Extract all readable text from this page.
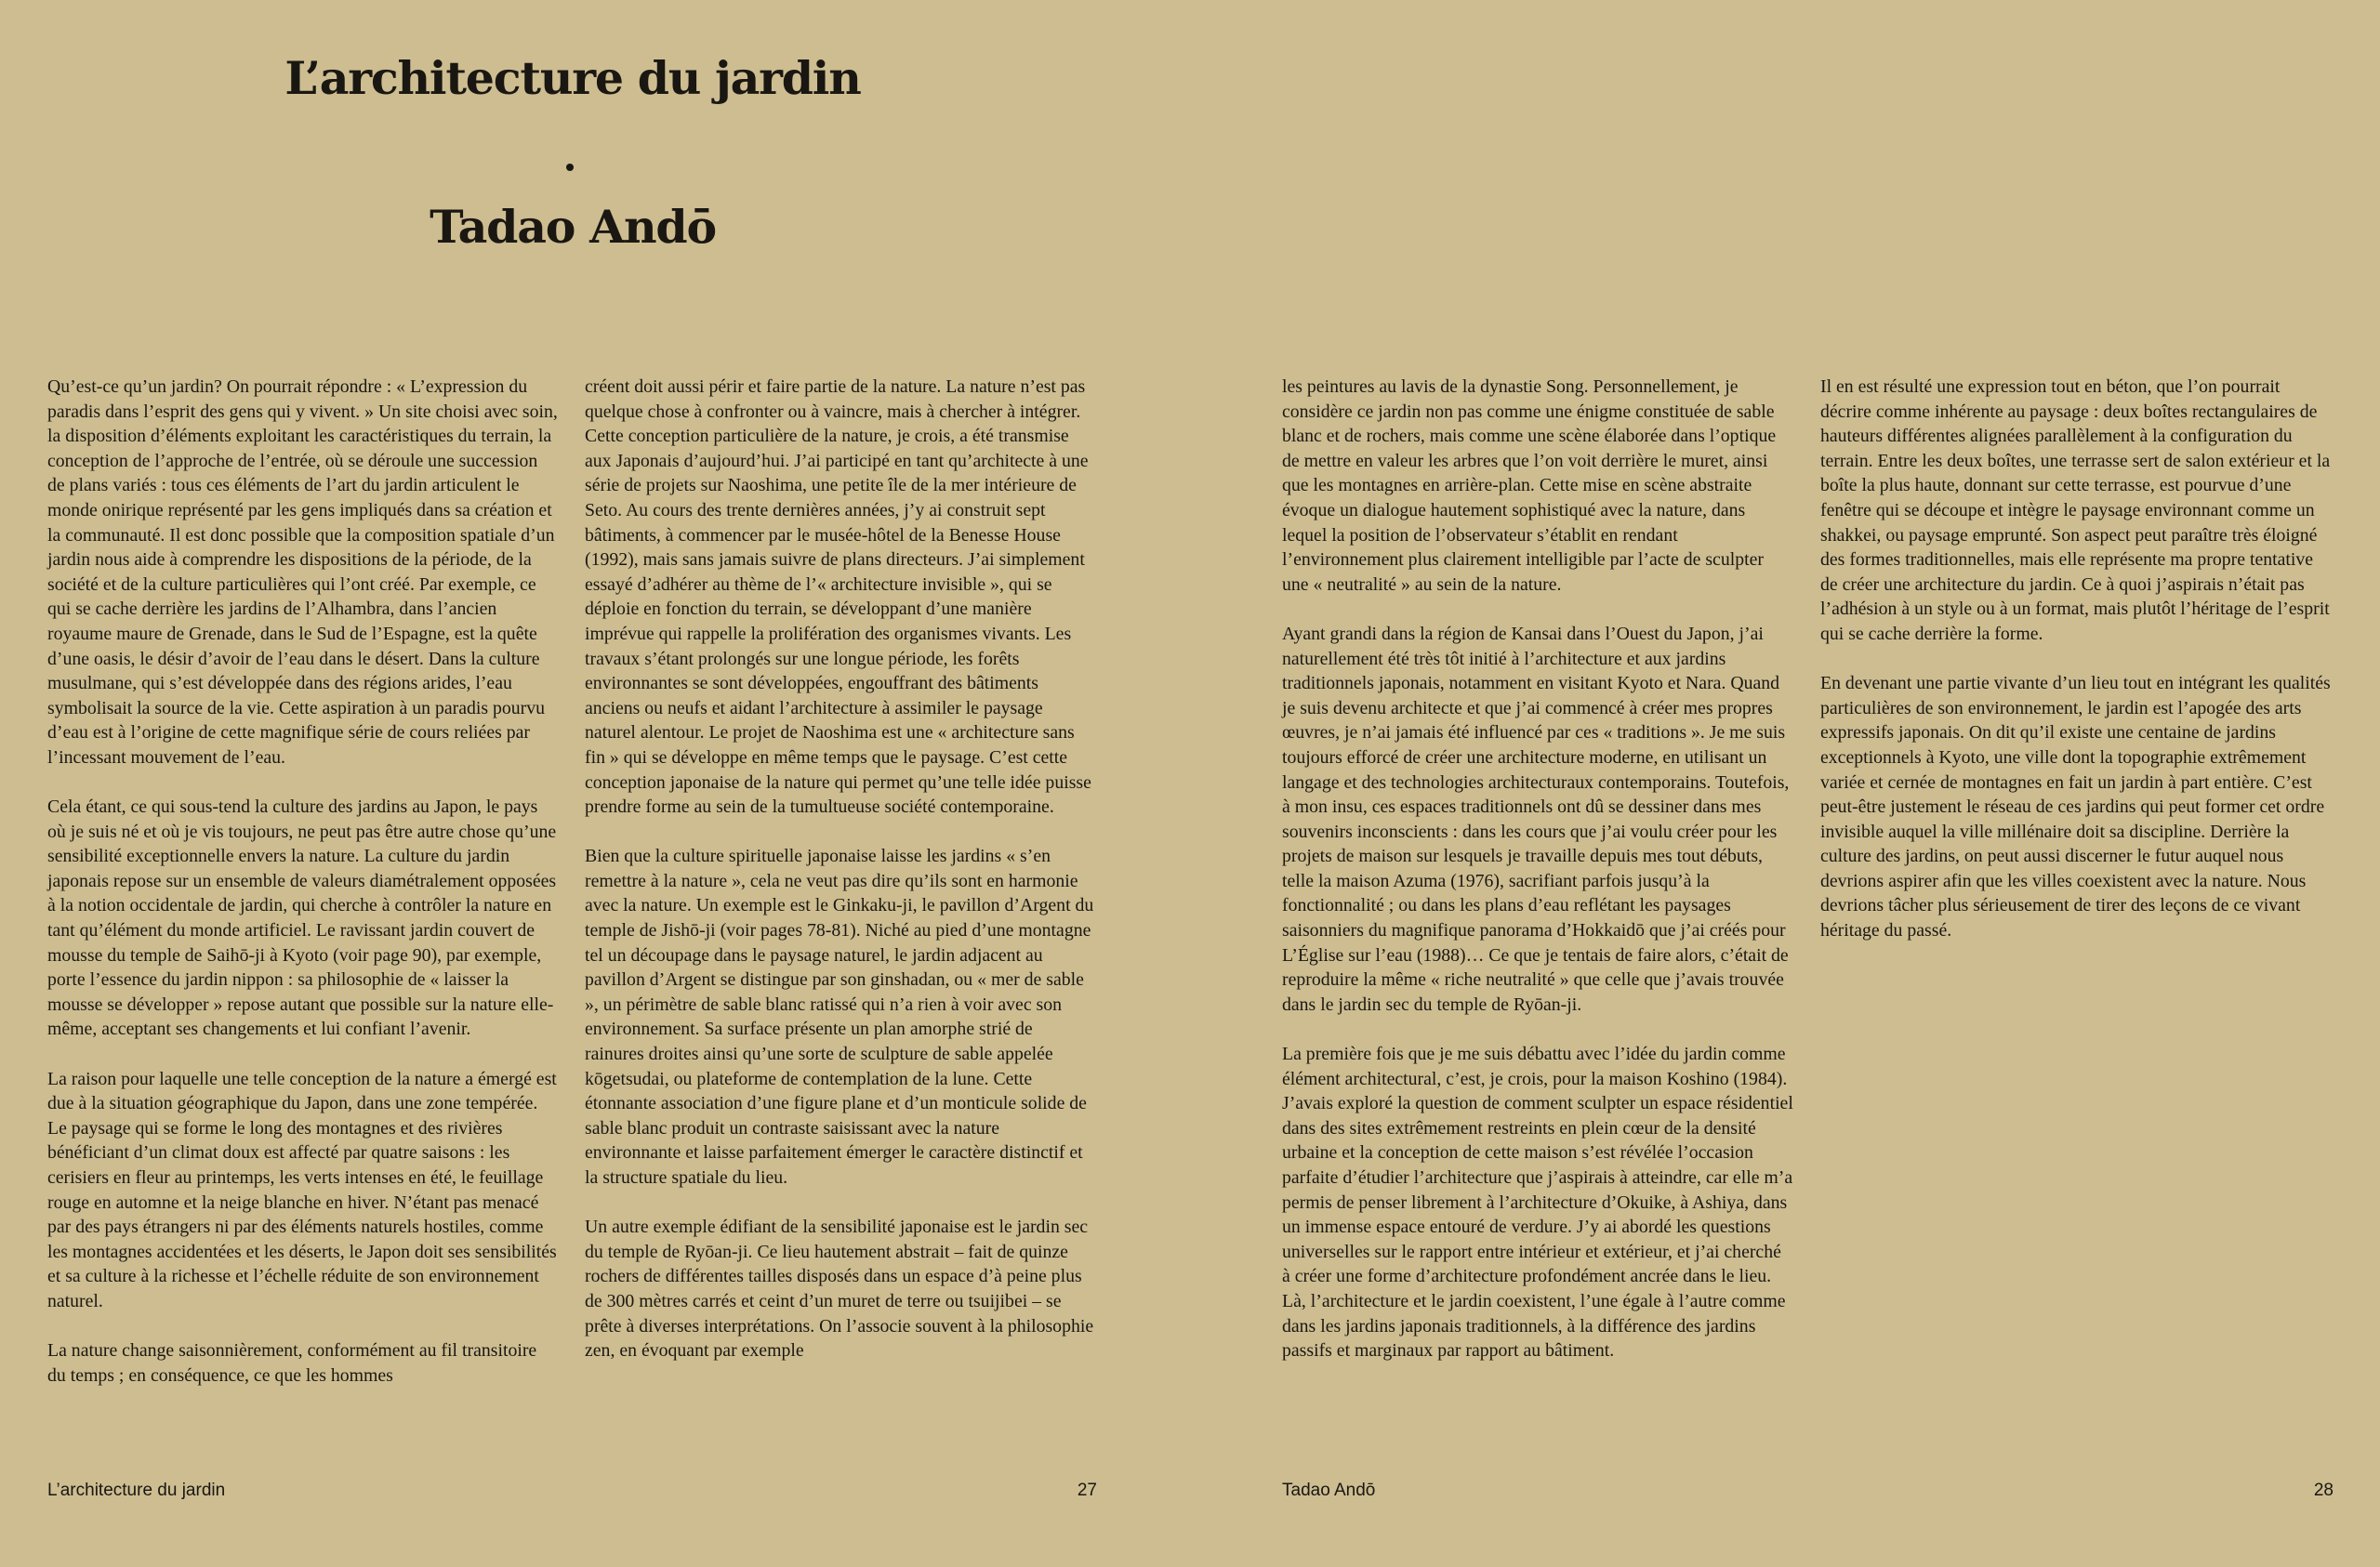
L’architecture du jardin
Tadao Andō

Qu’est-ce qu’un jardin? On pourrait répondre : « L’expression du paradis dans l’esprit des gens qui y vivent. » Un site choisi avec soin, la disposition d’éléments exploitant les caractéristiques du terrain, la conception de l’approche de l’entrée, où se déroule une succession de plans variés : tous ces éléments de l’art du jardin articulent le monde onirique représenté par les gens impliqués dans sa création et la communauté. Il est donc possible que la composition spatiale d’un jardin nous aide à comprendre les dispositions de la période, de la société et de la culture particulières qui l’ont créé. Par exemple, ce qui se cache derrière les jardins de l’Alhambra, dans l’ancien royaume maure de Grenade, dans le Sud de l’Espagne, est la quête d’une oasis, le désir d’avoir de l’eau dans le désert. Dans la culture musulmane, qui s’est développée dans des régions arides, l’eau symbolisait la source de la vie. Cette aspiration à un paradis pourvu d’eau est à l’origine de cette magnifique série de cours reliées par l’incessant mouvement de l’eau.

Cela étant, ce qui sous-tend la culture des jardins au Japon, le pays où je suis né et où je vis toujours, ne peut pas être autre chose qu’une sensibilité exceptionnelle envers la nature. La culture du jardin japonais repose sur un ensemble de valeurs diamétralement opposées à la notion occidentale de jardin, qui cherche à contrôler la nature en tant qu’élément du monde artificiel. Le ravissant jardin couvert de mousse du temple de Saihō-ji à Kyoto (voir page 90), par exemple, porte l’essence du jardin nippon : sa philosophie de « laisser la mousse se développer » repose autant que possible sur la nature elle-même, acceptant ses changements et lui confiant l’avenir.

La raison pour laquelle une telle conception de la nature a émergé est due à la situation géographique du Japon, dans une zone tempérée. Le paysage qui se forme le long des montagnes et des rivières bénéficiant d’un climat doux est affecté par quatre saisons : les cerisiers en fleur au printemps, les verts intenses en été, le feuillage rouge en automne et la neige blanche en hiver. N’étant pas menacé par des pays étrangers ni par des éléments naturels hostiles, comme les montagnes accidentées et les déserts, le Japon doit ses sensibilités et sa culture à la richesse et l’échelle réduite de son environnement naturel.

La nature change saisonnièrement, conformément au fil transitoire du temps ; en conséquence, ce que les hommes

créent doit aussi périr et faire partie de la nature. La nature n’est pas quelque chose à confronter ou à vaincre, mais à chercher à intégrer. Cette conception particulière de la nature, je crois, a été transmise aux Japonais d’aujourd’hui. J’ai participé en tant qu’architecte à une série de projets sur Naoshima, une petite île de la mer intérieure de Seto. Au cours des trente dernières années, j’y ai construit sept bâtiments, à commencer par le musée-hôtel de la Benesse House (1992), mais sans jamais suivre de plans directeurs. J’ai simplement essayé d’adhérer au thème de l’« architecture invisible », qui se déploie en fonction du terrain, se développant d’une manière imprévue qui rappelle la prolifération des organismes vivants. Les travaux s’étant prolongés sur une longue période, les forêts environnantes se sont développées, engouffrant des bâtiments anciens ou neufs et aidant l’architecture à assimiler le paysage naturel alentour. Le projet de Naoshima est une « architecture sans fin » qui se développe en même temps que le paysage. C’est cette conception japonaise de la nature qui permet qu’une telle idée puisse prendre forme au sein de la tumultueuse société contemporaine.

Bien que la culture spirituelle japonaise laisse les jardins « s’en remettre à la nature », cela ne veut pas dire qu’ils sont en harmonie avec la nature. Un exemple est le Ginkaku-ji, le pavillon d’Argent du temple de Jishō-ji (voir pages 78-81). Niché au pied d’une montagne tel un découpage dans le paysage naturel, le jardin adjacent au pavillon d’Argent se distingue par son ginshadan, ou « mer de sable », un périmètre de sable blanc ratissé qui n’a rien à voir avec son environnement. Sa surface présente un plan amorphe strié de rainures droites ainsi qu’une sorte de sculpture de sable appelée kōgetsudai, ou plateforme de contemplation de la lune. Cette étonnante association d’une figure plane et d’un monticule solide de sable blanc produit un contraste saisissant avec la nature environnante et laisse parfaitement émerger le caractère distinctif et la structure spatiale du lieu.

Un autre exemple édifiant de la sensibilité japonaise est le jardin sec du temple de Ryōan-ji. Ce lieu hautement abstrait – fait de quinze rochers de différentes tailles disposés dans un espace d’à peine plus de 300 mètres carrés et ceint d’un muret de terre ou tsuijibei – se prête à diverses interprétations. On l’associe souvent à la philosophie zen, en évoquant par exemple

les peintures au lavis de la dynastie Song. Personnellement, je considère ce jardin non pas comme une énigme constituée de sable blanc et de rochers, mais comme une scène élaborée dans l’optique de mettre en valeur les arbres que l’on voit derrière le muret, ainsi que les montagnes en arrière-plan. Cette mise en scène abstraite évoque un dialogue hautement sophistiqué avec la nature, dans lequel la position de l’observateur s’établit en rendant l’environnement plus clairement intelligible par l’acte de sculpter une « neutralité » au sein de la nature.

Ayant grandi dans la région de Kansai dans l’Ouest du Japon, j’ai naturellement été très tôt initié à l’architecture et aux jardins traditionnels japonais, notamment en visitant Kyoto et Nara. Quand je suis devenu architecte et que j’ai commencé à créer mes propres œuvres, je n’ai jamais été influencé par ces « traditions ». Je me suis toujours efforcé de créer une architecture moderne, en utilisant un langage et des technologies architecturaux contemporains. Toutefois, à mon insu, ces espaces traditionnels ont dû se dessiner dans mes souvenirs inconscients : dans les cours que j’ai voulu créer pour les projets de maison sur lesquels je travaille depuis mes tout débuts, telle la maison Azuma (1976), sacrifiant parfois jusqu’à la fonctionnalité ; ou dans les plans d’eau reflétant les paysages saisonniers du magnifique panorama d’Hokkaidō que j’ai créés pour L’Église sur l’eau (1988)… Ce que je tentais de faire alors, c’était de reproduire la même « riche neutralité » que celle que j’avais trouvée dans le jardin sec du temple de Ryōan-ji.

La première fois que je me suis débattu avec l’idée du jardin comme élément architectural, c’est, je crois, pour la maison Koshino (1984). J’avais exploré la question de comment sculpter un espace résidentiel dans des sites extrêmement restreints en plein cœur de la densité urbaine et la conception de cette maison s’est révélée l’occasion parfaite d’étudier l’architecture que j’aspirais à atteindre, car elle m’a permis de penser librement à l’architecture d’Okuike, à Ashiya, dans un immense espace entouré de verdure. J’y ai abordé les questions universelles sur le rapport entre intérieur et extérieur, et j’ai cherché à créer une forme d’architecture profondément ancrée dans le lieu. Là, l’architecture et le jardin coexistent, l’une égale à l’autre comme dans les jardins japonais traditionnels, à la différence des jardins passifs et marginaux par rapport au bâtiment.

Il en est résulté une expression tout en béton, que l’on pourrait décrire comme inhérente au paysage : deux boîtes rectangulaires de hauteurs différentes alignées parallèlement à la configuration du terrain. Entre les deux boîtes, une terrasse sert de salon extérieur et la boîte la plus haute, donnant sur cette terrasse, est pourvue d’une fenêtre qui se découpe et intègre le paysage environnant comme un shakkei, ou paysage emprunté. Son aspect peut paraître très éloigné des formes traditionnelles, mais elle représente ma propre tentative de créer une architecture du jardin. Ce à quoi j’aspirais n’était pas l’adhésion à un style ou à un format, mais plutôt l’héritage de l’esprit qui se cache derrière la forme.

En devenant une partie vivante d’un lieu tout en intégrant les qualités particulières de son environnement, le jardin est l’apogée des arts expressifs japonais. On dit qu’il existe une centaine de jardins exceptionnels à Kyoto, une ville dont la topographie extrêmement variée et cernée de montagnes en fait un jardin à part entière. C’est peut-être justement le réseau de ces jardins qui peut former cet ordre invisible auquel la ville millénaire doit sa discipline. Derrière la culture des jardins, on peut aussi discerner le futur auquel nous devrions aspirer afin que les villes coexistent avec la nature. Nous devrions tâcher plus sérieusement de tirer des leçons de ce vivant héritage du passé.

L’architecture du jardin	27	Tadao Andō	28
